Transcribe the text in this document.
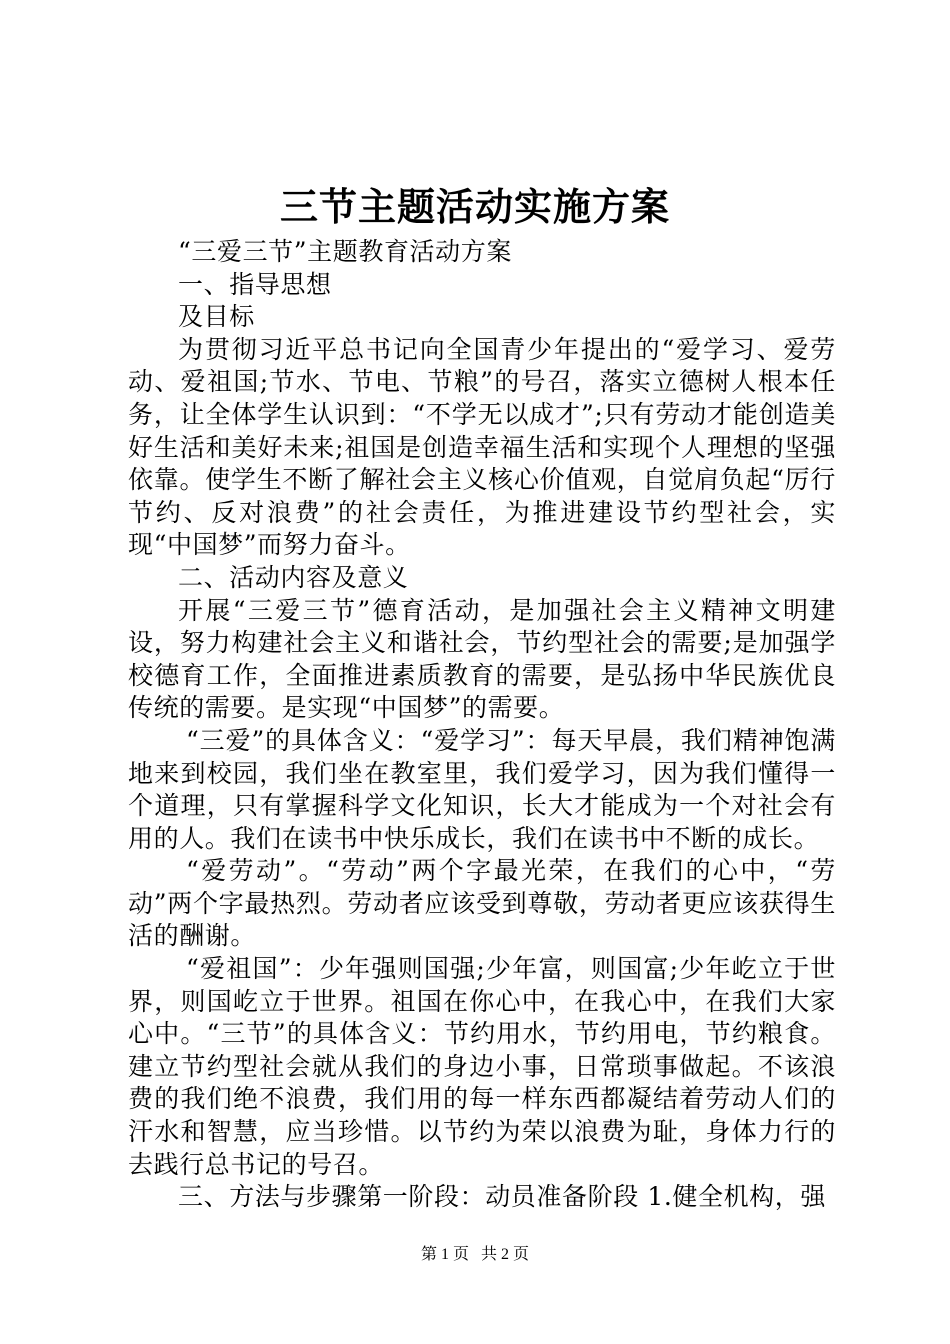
三节主题活动实施方案

“三爱三节”主题教育活动方案

一、指导思想

及目标

为贯彻习近平总书记向全国青少年提出的“爱学习、爱劳动、爱祖国;节水、节电、节粮”的号召，落实立德树人根本任务，让全体学生认识到：“不学无以成才”;只有劳动才能创造美好生活和美好未来;祖国是创造幸福生活和实现个人理想的坚强依靠。使学生不断了解社会主义核心价值观，自觉肩负起“厉行节约、反对浪费”的社会责任，为推进建设节约型社会，实现“中国梦”而努力奋斗。

二、活动内容及意义

开展“三爱三节”德育活动，是加强社会主义精神文明建设，努力构建社会主义和谐社会，节约型社会的需要;是加强学校德育工作，全面推进素质教育的需要，是弘扬中华民族优良传统的需要。是实现“中国梦”的需要。

“三爱”的具体含义：“爱学习”：每天早晨，我们精神饱满地来到校园，我们坐在教室里，我们爱学习，因为我们懂得一个道理，只有掌握科学文化知识，长大才能成为一个对社会有用的人。我们在读书中快乐成长，我们在读书中不断的成长。

“爱劳动”。“劳动”两个字最光荣，在我们的心中，“劳动”两个字最热烈。劳动者应该受到尊敬，劳动者更应该获得生活的酬谢。

“爱祖国”：少年强则国强;少年富，则国富;少年屹立于世界，则国屹立于世界。祖国在你心中，在我心中，在我们大家心中。“三节”的具体含义：节约用水，节约用电，节约粮食。建立节约型社会就从我们的身边小事，日常琐事做起。不该浪费的我们绝不浪费，我们用的每一样东西都凝结着劳动人们的汗水和智慧，应当珍惜。以节约为荣以浪费为耻，身体力行的去践行总书记的号召。

三、方法与步骤第一阶段：动员准备阶段 1.健全机构，强

第 1 页 共 2 页
